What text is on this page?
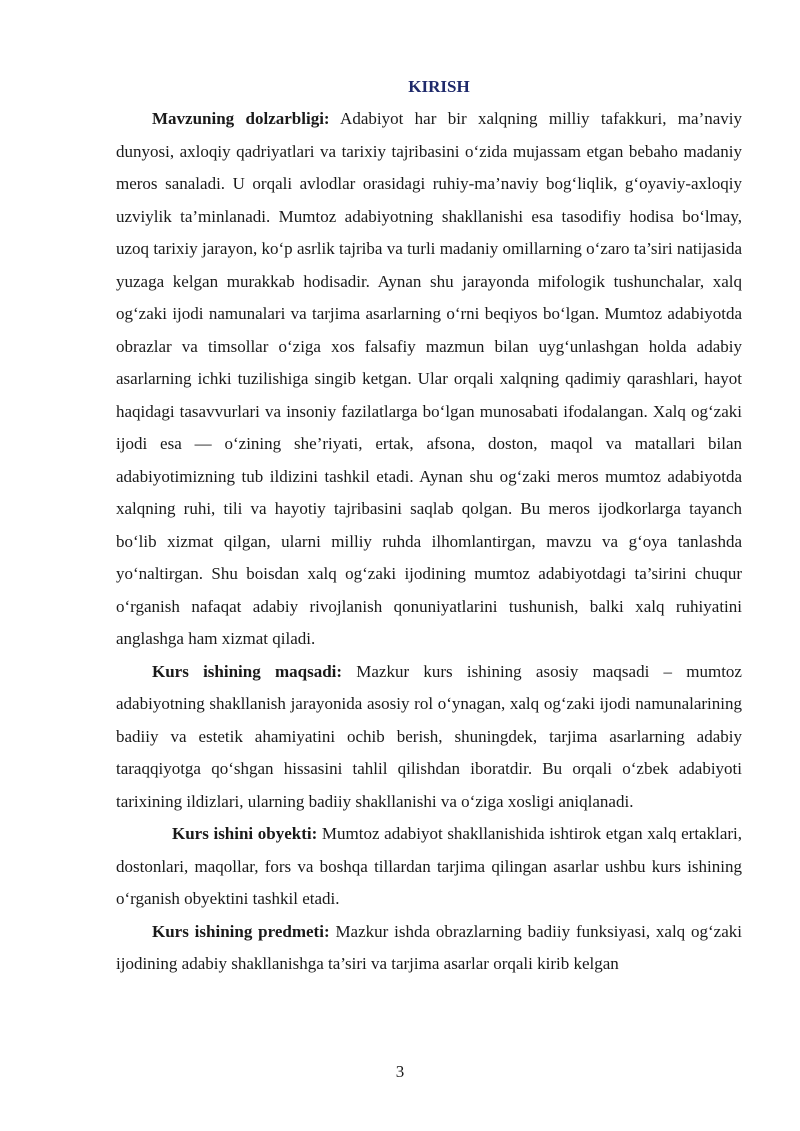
KIRISH

Mavzuning dolzarbligi: Adabiyot har bir xalqning milliy tafakkuri, ma’naviy dunyosi, axloqiy qadriyatlari va tarixiy tajribasini o‘zida mujassam etgan bebaho madaniy meros sanaladi. U orqali avlodlar orasidagi ruhiy-ma’naviy bog‘liqlik, g‘oyaviy-axloqiy uzviylik ta’minlanadi. Mumtoz adabiyotning shakllanishi esa tasodifiy hodisa bo‘lmay, uzoq tarixiy jarayon, ko‘p asrlik tajriba va turli madaniy omillarning o‘zaro ta’siri natijasida yuzaga kelgan murakkab hodisadir. Aynan shu jarayonda mifologik tushunchalar, xalq og‘zaki ijodi namunalari va tarjima asarlarning o‘rni beqiyos bo‘lgan. Mumtoz adabiyotda obrazlar va timsollar o‘ziga xos falsafiy mazmun bilan uyg‘unlashgan holda adabiy asarlarning ichki tuzilishiga singib ketgan. Ular orqali xalqning qadimiy qarashlari, hayot haqidagi tasavvurlari va insoniy fazilatlarga bo‘lgan munosabati ifodalangan. Xalq og‘zaki ijodi esa — o‘zining she’riyati, ertak, afsona, doston, maqol va matallari bilan adabiyotimizning tub ildizini tashkil etadi. Aynan shu og‘zaki meros mumtoz adabiyotda xalqning ruhi, tili va hayotiy tajribasini saqlab qolgan. Bu meros ijodkorlarga tayanch bo‘lib xizmat qilgan, ularni milliy ruhda ilhomlantirgan, mavzu va g‘oya tanlashda yo‘naltirgan. Shu boisdan xalq og‘zaki ijodining mumtoz adabiyotdagi ta’sirini chuqur o‘rganish nafaqat adabiy rivojlanish qonuniyatlarini tushunish, balki xalq ruhiyatini anglashga ham xizmat qiladi.

Kurs ishining maqsadi: Mazkur kurs ishining asosiy maqsadi – mumtoz adabiyotning shakllanish jarayonida asosiy rol o‘ynagan, xalq og‘zaki ijodi namunalarining badiiy va estetik ahamiyatini ochib berish, shuningdek, tarjima asarlarning adabiy taraqqiyotga qo‘shgan hissasini tahlil qilishdan iboratdir. Bu orqali o‘zbek adabiyoti tarixining ildizlari, ularning badiiy shakllanishi va o‘ziga xosligi aniqlanadi.

Kurs ishini obyekti: Mumtoz adabiyot shakllanishida ishtirok etgan xalq ertaklari, dostonlari, maqollar, fors va boshqa tillardan tarjima qilingan asarlar ushbu kurs ishining o‘rganish obyektini tashkil etadi.

Kurs ishining predmeti: Mazkur ishda obrazlarning badiiy funksiyasi, xalq og‘zaki ijodining adabiy shakllanishga ta’siri va tarjima asarlar orqali kirib kelgan

3
